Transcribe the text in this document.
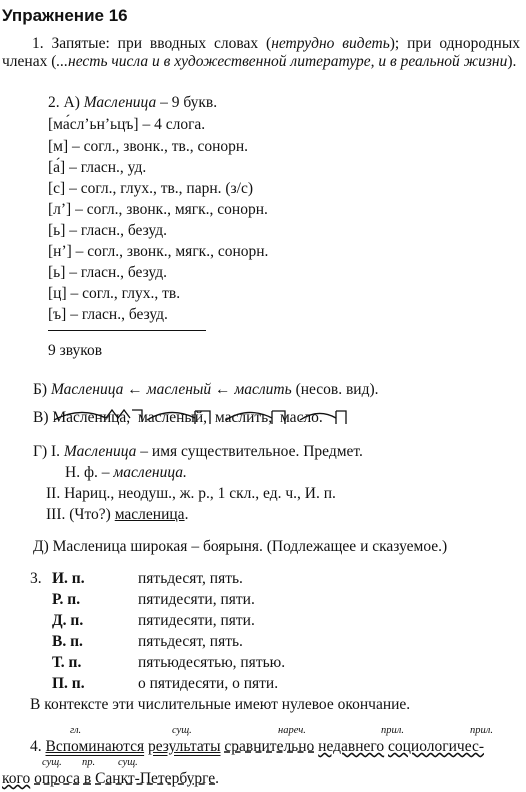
Упражнение 16
1. Запятые: при вводных словах (нетрудно видеть); при однородных членах (...несть числа и в художественной литературе, и в реальной жизни).
2. А) Масленица – 9 букв.
[ма́сл’ьн’ьцъ] – 4 слога.
[м] – согл., звонк., тв., сонорн.
[а́] – гласн., уд.
[с] – согл., глух., тв., парн. (з/с)
[л’] – согл., звонк., мягк., сонорн.
[ь] – гласн., безуд.
[н’] – согл., звонк., мягк., сонорн.
[ь] – гласн., безуд.
[ц] – согл., глух., тв.
[ъ] – гласн., безуд.
9 звуков
Б) Масленица ← масленый ← маслить (несов. вид).
В) Масленица, масленый, маслить, масло.
Г) I. Масленица – имя существительное. Предмет.
Н. ф. – масленица.
II. Нариц., неодуш., ж. р., 1 скл., ед. ч., И. п.
III. (Что?) масленица.
Д) Масленица широкая – боярыня. (Подлежащее и сказуемое.)
3. И. п.	пятьдесят, пять.
Р. п.	пятидесяти, пяти.
Д. п.	пятидесяти, пяти.
В. п.	пятьдесят, пять.
Т. п.	пятьюдесятью, пятью.
П. п.	о пятидесяти, о пяти.
В контексте эти числительные имеют нулевое окончание.
гл.	сущ.	нареч.	прил.	прил.
4. Вспоминаются результаты сравнительно недавнего социологичес-
сущ. пр. сущ.
кого опроса в Санкт-Петербурге.
